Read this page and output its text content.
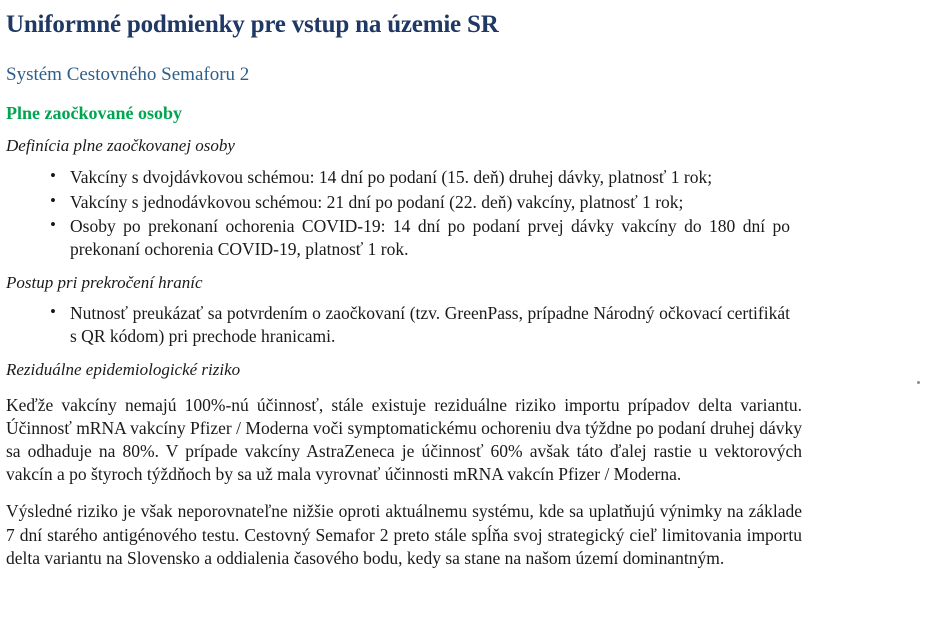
Uniformné podmienky pre vstup na územie SR
Systém Cestovného Semaforu 2
Plne zaočkované osoby
Definícia plne zaočkovanej osoby
• Vakcíny s dvojdávkovou schémou: 14 dní po podaní (15. deň) druhej dávky, platnosť 1 rok;
• Vakcíny s jednodávkovou schémou: 21 dní po podaní (22. deň) vakcíny, platnosť 1 rok;
• Osoby po prekonaní ochorenia COVID-19: 14 dní po podaní prvej dávky vakcíny do 180 dní po prekonaní ochorenia COVID-19, platnosť 1 rok.
Postup pri prekročení hraníc
• Nutnosť preukázať sa potvrdením o zaočkovaní (tzv. GreenPass, prípadne Národný očkovací certifikát s QR kódom) pri prechode hranicami.
Reziduálne epidemiologické riziko

Keďže vakcíny nemajú 100%-nú účinnosť, stále existuje reziduálne riziko importu prípadov delta variantu. Účinnosť mRNA vakcíny Pfizer / Moderna voči symptomatickému ochoreniu dva týždne po podaní druhej dávky sa odhaduje na 80%. V prípade vakcíny AstraZeneca je účinnosť 60% avšak táto ďalej rastie u vektorových vakcín a po štyroch týždňoch by sa už mala vyrovnať účinnosti mRNA vakcín Pfizer / Moderna.

Výsledné riziko je však neporovnateľne nižšie oproti aktuálnemu systému, kde sa uplatňujú výnimky na základe 7 dní starého antigénového testu. Cestovný Semafor 2 preto stále spĺňa svoj strategický cieľ limitovania importu delta variantu na Slovensko a oddialenia časového bodu, kedy sa stane na našom území dominantným.
